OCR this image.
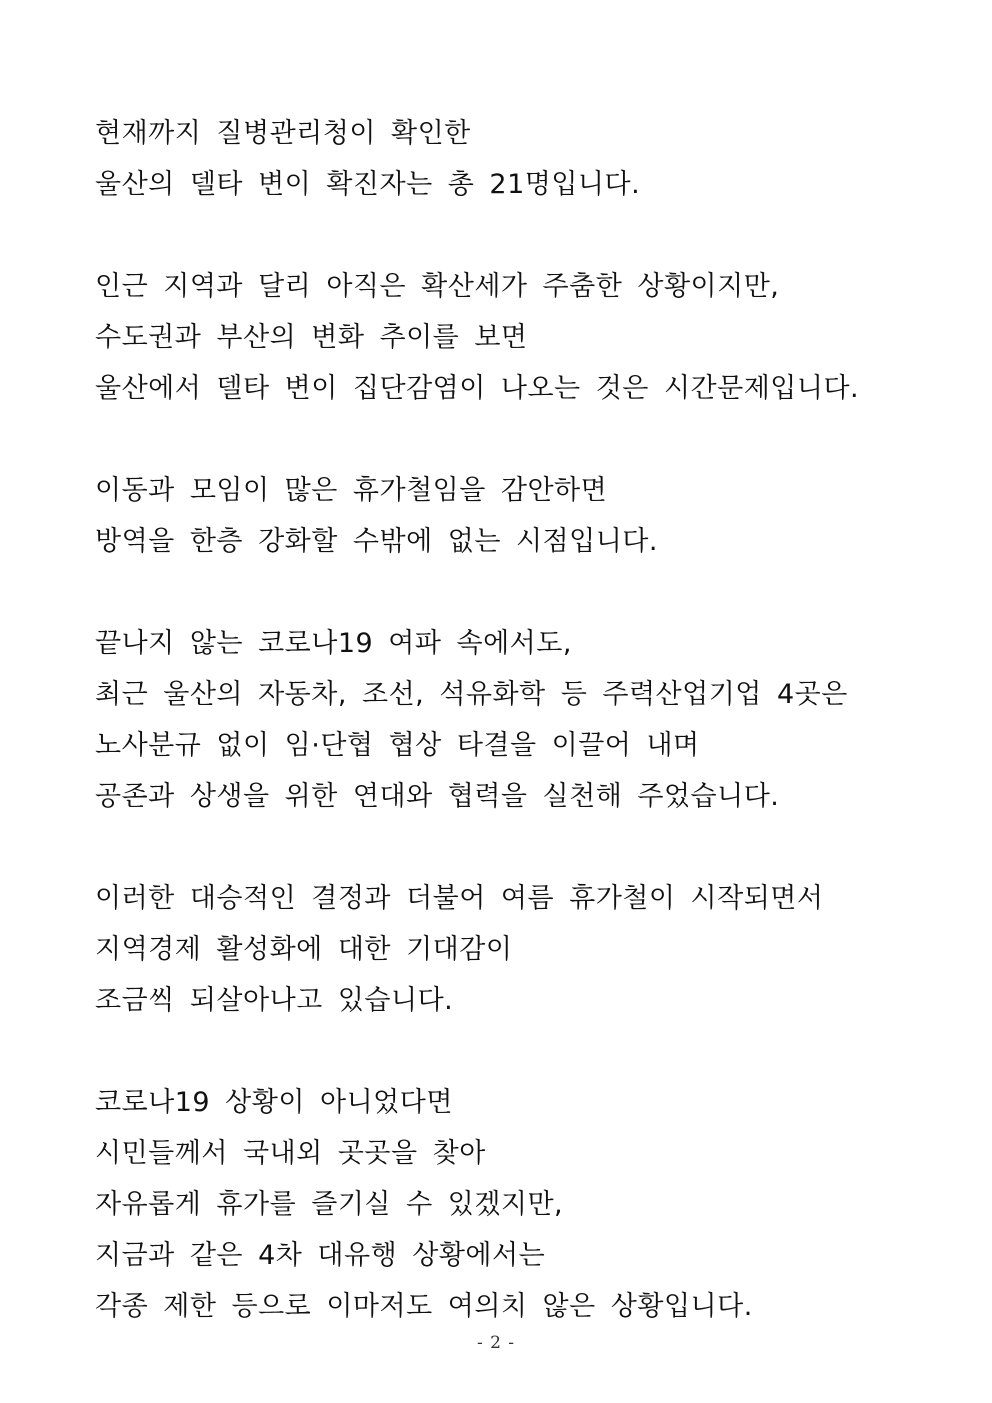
현재까지 질병관리청이 확인한
울산의 델타 변이 확진자는 총 21명입니다.
인근 지역과 달리 아직은 확산세가 주춤한 상황이지만,
수도권과 부산의 변화 추이를 보면
울산에서 델타 변이 집단감염이 나오는 것은 시간문제입니다.
이동과 모임이 많은 휴가철임을 감안하면
방역을 한층 강화할 수밖에 없는 시점입니다.
끝나지 않는 코로나19 여파 속에서도,
최근 울산의 자동차, 조선, 석유화학 등 주력산업기업 4곳은
노사분규 없이 임·단협 협상 타결을 이끌어 내며
공존과 상생을 위한 연대와 협력을 실천해 주었습니다.
이러한 대승적인 결정과 더불어 여름 휴가철이 시작되면서
지역경제 활성화에 대한 기대감이
조금씩 되살아나고 있습니다.
코로나19 상황이 아니었다면
시민들께서 국내외 곳곳을 찾아
자유롭게 휴가를 즐기실 수 있겠지만,
지금과 같은 4차 대유행 상황에서는
각종 제한 등으로 이마저도 여의치 않은 상황입니다.
- 2 -
